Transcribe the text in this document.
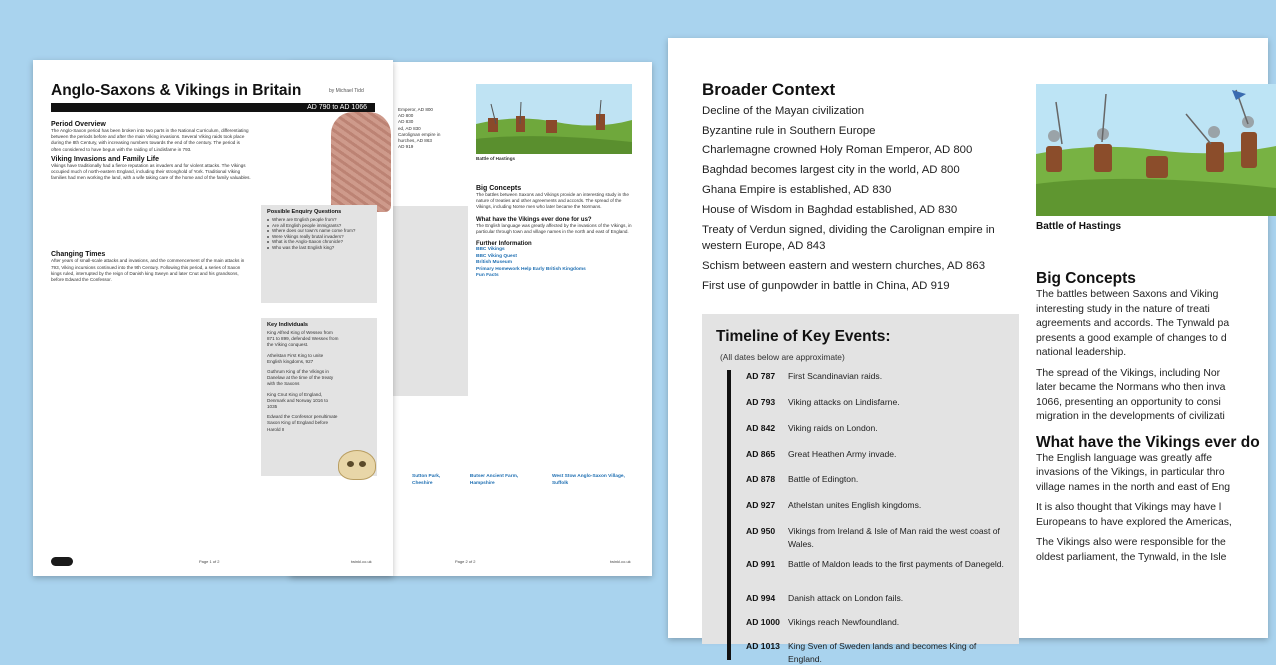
Emperor, AD 800
AD 800
AD 830
ed, AD 830
Carolignan empire in
hurches, AD 863
AD 919
Battle of Hastings
Big Concepts
The battles between Saxons and Vikings provide an interesting study in the nature of treaties and other agreements and accords. The spread of the Vikings, including Norse men who later became the Normans.
What have the Vikings ever done for us?
The English language was greatly affected by the invasions of the Vikings, in particular through town and village names in the north and east of England.
Further Information
BBC Vikings
BBC Viking Quest
British Museum
Primary Homework Help Early British Kingdoms
Fun Facts
Sutton Park, Cheshire
Butser Ancient Farm, Hampshire
West Stow Anglo-Saxon Village, Suffolk
Page 2 of 2	twinkl.co.uk
Anglo-Saxons & Vikings in Britain	by Michael Tidd
AD 790 to AD 1066
Period Overview
The Anglo-Saxon period has been broken into two parts in the National Curriculum, differentiating between the periods before and after the main Viking invasions. Several Viking raids took place during the 8th Century, with increasing numbers towards the end of the century. The period is often considered to have begun with the raiding of Lindisfarne in 793.
Viking Invasions and Family Life
Vikings have traditionally had a fierce reputation as invaders and for violent attacks. The Vikings occupied much of north-eastern England, including their stronghold of York. Traditional Viking families had men working the land, with a wife taking care of the home and of the family valuables.
Changing Times
After years of small-scale attacks and invasions, and the commencement of the main attacks in 793, Viking incursions continued into the 9th Century. Following this period, a series of Saxon kings ruled, interrupted by the reign of Danish king Sweyn and later Cnut and his grandsons, before Edward the Confessor.
Possible Enquiry Questions
Where are English people from?
Are all English people immigrants?
Where does our town's name come from?
Were Vikings really brutal invaders?
What is the Anglo-Saxon chronicle?
Who was the last English king?
Key Individuals
King Alfred King of Wessex from 871 to 899, defended Wessex from the Viking conquest.
Athelstan First King to unite English kingdoms, 927
Guthrum King of the Vikings in Danelaw at the time of the treaty with the Saxons
King Cnut King of England, Denmark and Norway 1016 to 1035
Edward the Confessor penultimate Saxon King of England before Harold II
Page 1 of 2	twinkl.co.uk
Broader Context
Decline of the Mayan civilization
Byzantine rule in Southern Europe
Charlemagne crowned Holy Roman Emperor, AD 800
Baghdad becomes largest city in the world, AD 800
Ghana Empire is established, AD 830
House of Wisdom in Baghdad established, AD 830
Treaty of Verdun signed, dividing the Carolignan empire in
western Europe, AD 843
Schism between eastern and western churches, AD 863
First use of gunpowder in battle in China, AD 919
Battle of Hastings
Timeline of Key Events:
(All dates below are approximate)
AD 787	First Scandinavian raids.
AD 793	Viking attacks on Lindisfarne.
AD 842	Viking raids on London.
AD 865	Great Heathen Army invade.
AD 878	Battle of Edington.
AD 927	Athelstan unites English kingdoms.
AD 950	Vikings from Ireland & Isle of Man raid the west coast of Wales.
AD 991	Battle of Maldon leads to the first payments of Danegeld.
AD 994	Danish attack on London fails.
AD 1000 Vikings reach Newfoundland.
AD 1013 King Sven of Sweden lands and becomes King of England.
Big Concepts
The battles between Saxons and Viking
interesting study in the nature of treati
agreements and accords. The Tynwald pa
presents a good example of changes to d
national leadership.
The spread of the Vikings, including Nor
later became the Normans who then inva
1066, presenting an opportunity to consi
migration in the developments of civilizati
What have the Vikings ever do
The English language was greatly affe
invasions of the Vikings, in particular thro
village names in the north and east of Eng
It is also thought that Vikings may have l
Europeans to have explored the Americas,
The Vikings also were responsible for the
oldest parliament, the Tynwald, in the Isle
